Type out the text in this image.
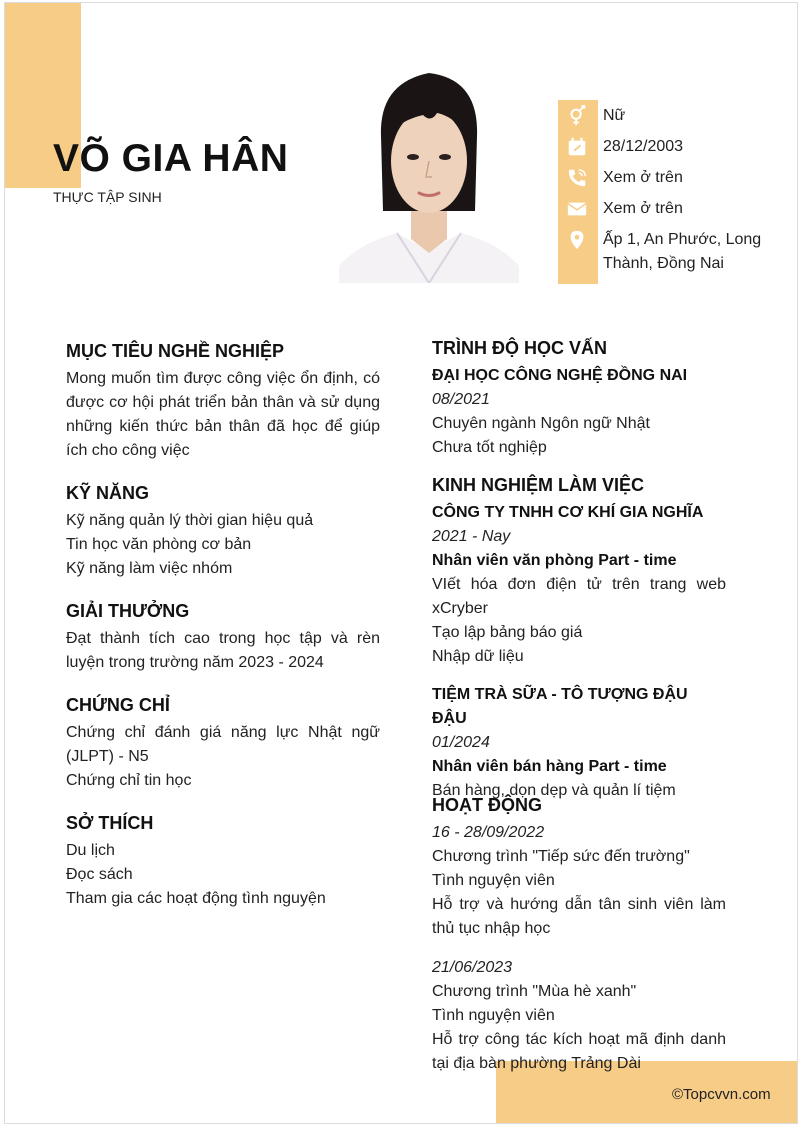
VÕ GIA HÂN
THỰC TẬP SINH
Nữ
28/12/2003
Xem ở trên
Xem ở trên
Ấp 1, An Phước, Long Thành, Đồng Nai
MỤC TIÊU NGHỀ NGHIỆP
Mong muốn tìm được công việc ổn định, có được cơ hội phát triển bản thân và sử dụng những kiến thức bản thân đã học để giúp ích cho công việc
KỸ NĂNG
Kỹ năng quản lý thời gian hiệu quả
Tin học văn phòng cơ bản
Kỹ năng làm việc nhóm
GIẢI THƯỞNG
Đạt thành tích cao trong học tập và rèn luyện trong trường năm 2023 - 2024
CHỨNG CHỈ
Chứng chỉ đánh giá năng lực Nhật ngữ (JLPT) - N5
Chứng chỉ tin học
SỞ THÍCH
Du lịch
Đọc sách
Tham gia các hoạt động tình nguyện
TRÌNH ĐỘ HỌC VẤN
ĐẠI HỌC CÔNG NGHỆ ĐỒNG NAI
08/2021
Chuyên ngành Ngôn ngữ Nhật
Chưa tốt nghiệp
KINH NGHIỆM LÀM VIỆC
CÔNG TY TNHH CƠ KHÍ GIA NGHĨA
2021 - Nay
Nhân viên văn phòng Part - time
VIết hóa đơn điện tử trên trang web xCryber
Tạo lập bảng báo giá
Nhập dữ liệu
TIỆM TRÀ SỮA - TÔ TƯỢNG ĐẬU ĐẬU
01/2024
Nhân viên bán hàng Part - time
Bán hàng, dọn dẹp và quản lí tiệm
HOẠT ĐỘNG
16 - 28/09/2022
Chương trình "Tiếp sức đến trường"
Tình nguyện viên
Hỗ trợ và hướng dẫn tân sinh viên làm thủ tục nhập học
21/06/2023
Chương trình "Mùa hè xanh"
Tình nguyện viên
Hỗ trợ công tác kích hoạt mã định danh tại địa bàn phường Trảng Dài
©Topcvvn.com
